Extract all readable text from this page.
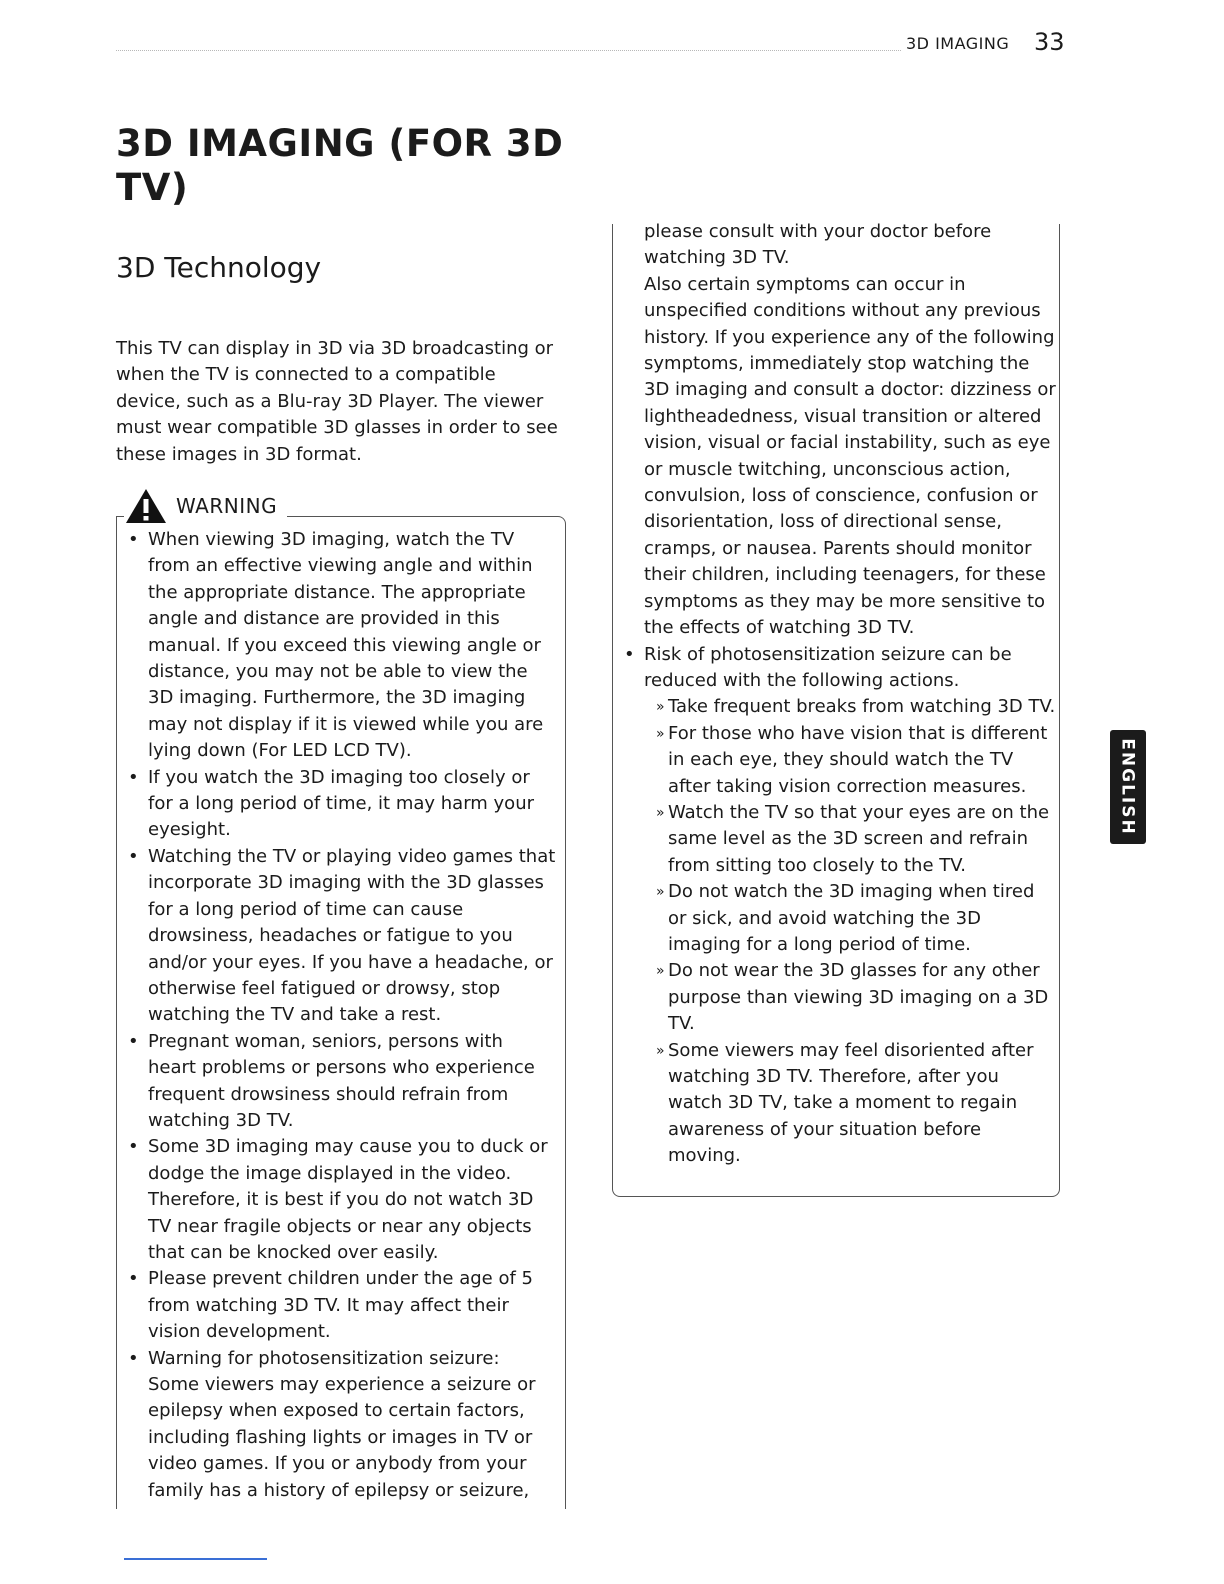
3D IMAGING 33
3D IMAGING (FOR 3D TV)
3D Technology

This TV can display in 3D via 3D broadcasting or when the TV is connected to a compatible device, such as a Blu-ray 3D Player. The viewer must wear compatible 3D glasses in order to see these images in 3D format.

WARNING
• When viewing 3D imaging, watch the TV from an effective viewing angle and within the appropriate distance. The appropriate angle and distance are provided in this manual. If you exceed this viewing angle or distance, you may not be able to view the 3D imaging. Furthermore, the 3D imaging may not display if it is viewed while you are lying down (For LED LCD TV).
• If you watch the 3D imaging too closely or for a long period of time, it may harm your eyesight.
• Watching the TV or playing video games that incorporate 3D imaging with the 3D glasses for a long period of time can cause drowsiness, headaches or fatigue to you and/or your eyes. If you have a headache, or otherwise feel fatigued or drowsy, stop watching the TV and take a rest.
• Pregnant woman, seniors, persons with heart problems or persons who experience frequent drowsiness should refrain from watching 3D TV.
• Some 3D imaging may cause you to duck or dodge the image displayed in the video. Therefore, it is best if you do not watch 3D TV near fragile objects or near any objects that can be knocked over easily.
• Please prevent children under the age of 5 from watching 3D TV. It may affect their vision development.
• Warning for photosensitization seizure: Some viewers may experience a seizure or epilepsy when exposed to certain factors, including flashing lights or images in TV or video games. If you or anybody from your family has a history of epilepsy or seizure,

please consult with your doctor before watching 3D TV.
Also certain symptoms can occur in unspecified conditions without any previous history. If you experience any of the following symptoms, immediately stop watching the 3D imaging and consult a doctor: dizziness or lightheadedness, visual transition or altered vision, visual or facial instability, such as eye or muscle twitching, unconscious action, convulsion, loss of conscience, confusion or disorientation, loss of directional sense, cramps, or nausea. Parents should monitor their children, including teenagers, for these symptoms as they may be more sensitive to the effects of watching 3D TV.

• Risk of photosensitization seizure can be reduced with the following actions.
» Take frequent breaks from watching 3D TV.
» For those who have vision that is different in each eye, they should watch the TV after taking vision correction measures.
» Watch the TV so that your eyes are on the same level as the 3D screen and refrain from sitting too closely to the TV.
» Do not watch the 3D imaging when tired or sick, and avoid watching the 3D imaging for a long period of time.
» Do not wear the 3D glasses for any other purpose than viewing 3D imaging on a 3D TV.
» Some viewers may feel disoriented after watching 3D TV. Therefore, after you watch 3D TV, take a moment to regain awareness of your situation before moving.
ENGLISH
